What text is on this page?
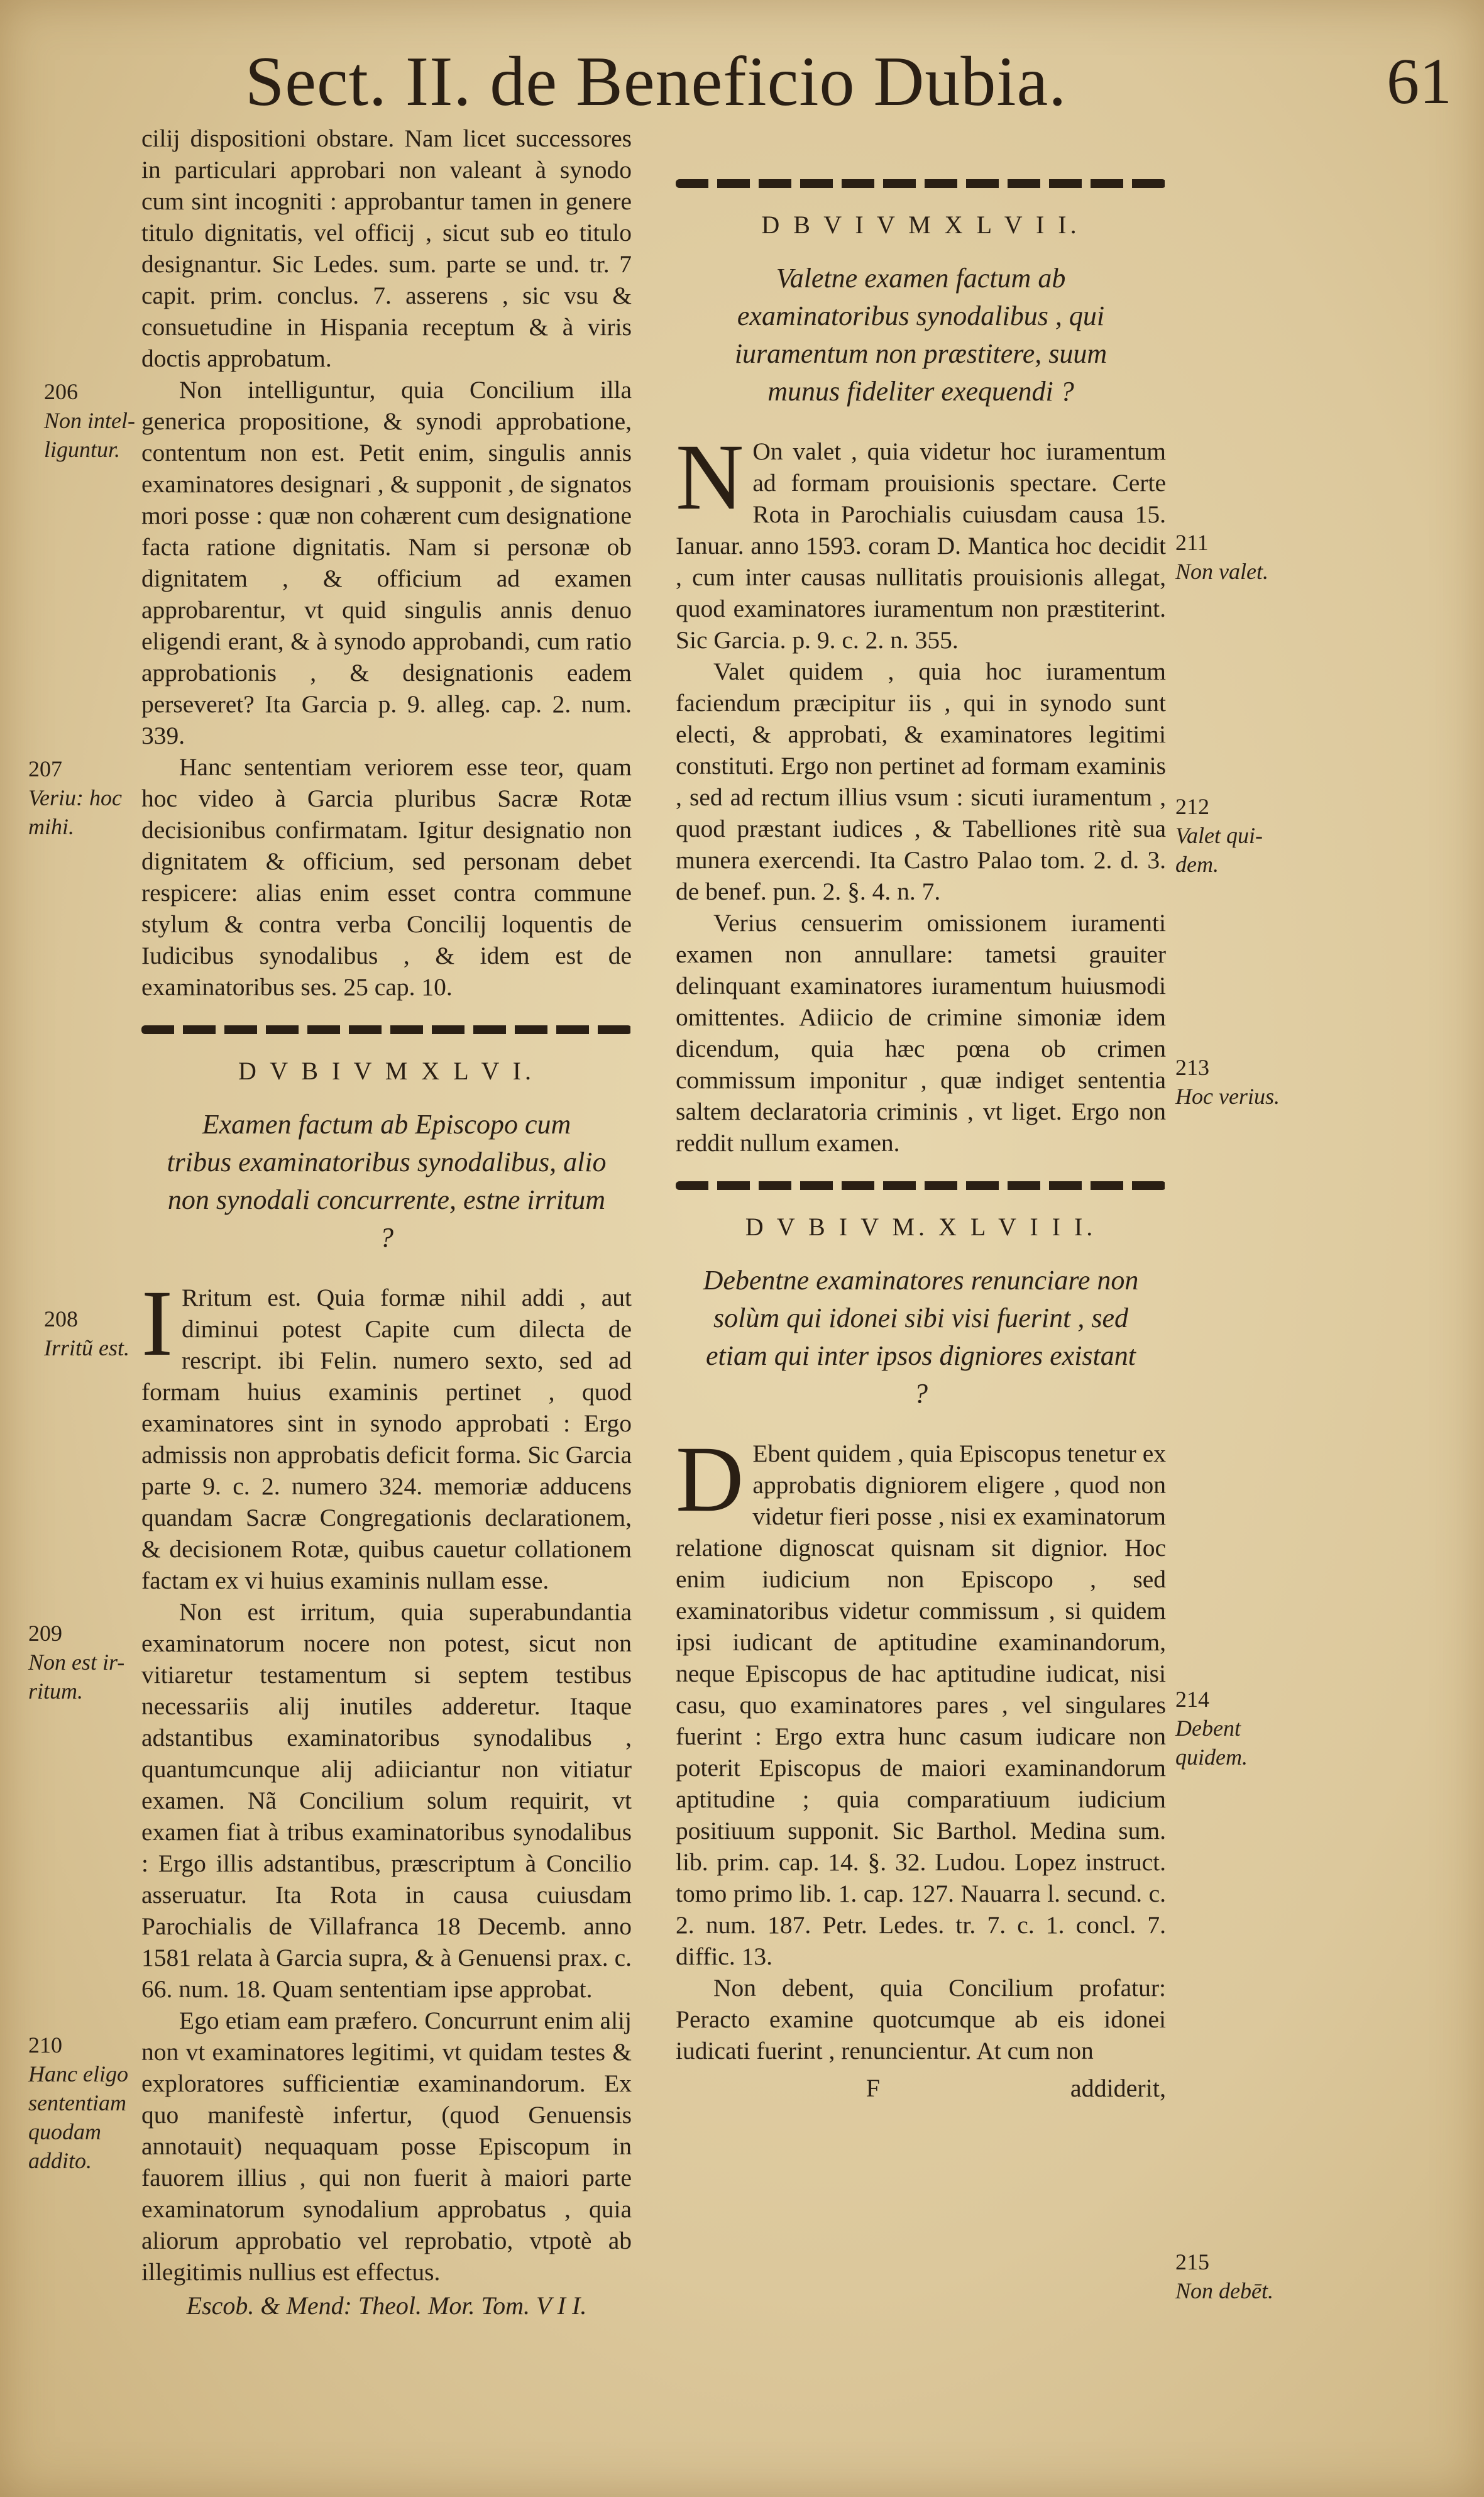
Sect. II. de Beneficio Dubia.	61

cilij dispositioni obstare. Nam licet successores in particulari approbari non valeant à synodo cum sint incogniti : approbantur tamen in genere titulo dignitatis, vel officij , sicut sub eo titulo designantur. Sic Ledes. sum. parte se und. tr. 7 capit. prim. conclus. 7. asserens , sic vsu & consuetudine in Hispania receptum & à viris doctis approbatum.

Non intelliguntur, quia Concilium illa generica propositione, & synodi approbatione, contentum non est. Petit enim, singulis annis examinatores designari , & supponit , de signatos mori posse : quæ non cohærent cum designatione facta ratione dignitatis. Nam si personæ ob dignitatem , & officium ad examen approbarentur, vt quid singulis annis denuo eligendi erant, & à synodo approbandi, cum ratio approbationis , & designationis eadem perseveret? Ita Garcia p. 9. alleg. cap. 2. num. 339.

Hanc sententiam veriorem esse teor, quam hoc video à Garcia pluribus Sacræ Rotæ decisionibus confirmatam. Igitur designatio non dignitatem & officium, sed personam debet respicere: alias enim esset contra commune stylum & contra verba Concilij loquentis de Iudicibus synodalibus , & idem est de examinatoribus ses. 25 cap. 10.

D V B I V M X L V I.
Examen factum ab Episcopo cum tribus examinatoribus synodalibus, alio non synodali concurrente, estne irritum ?

I Rritum est. Quia formæ nihil addi , aut diminui potest Capite cum dilecta de rescript. ibi Felin. numero sexto, sed ad formam huius examinis pertinet , quod examinatores sint in synodo approbati : Ergo admissis non approbatis deficit forma. Sic Garcia parte 9. c. 2. numero 324. memoriæ adducens quandam Sacræ Congregationis declarationem, & decisionem Rotæ, quibus cauetur collationem factam ex vi huius examinis nullam esse.

Non est irritum, quia superabundantia examinatorum nocere non potest, sicut non vitiaretur testamentum si septem testibus necessariis alij inutiles adderetur. Itaque adstantibus examinatoribus synodalibus , quantumcunque alij adiiciantur non vitiatur examen. Nã Concilium solum requirit, vt examen fiat à tribus examinatoribus synodalibus : Ergo illis adstantibus, præscriptum à Concilio asseruatur. Ita Rota in causa cuiusdam Parochialis de Villafranca 18 Decemb. anno 1581 relata à Garcia supra, & à Genuensi prax. c. 66. num. 18. Quam sententiam ipse approbat.

Ego etiam eam præfero. Concurrunt enim alij non vt examinatores legitimi, vt quidam testes & exploratores sufficientiæ examinandorum. Ex quo manifestè infertur, (quod Genuensis annotauit) nequaquam posse Episcopum in fauorem illius , qui non fuerit à maiori parte examinatorum synodalium approbatus , quia aliorum approbatio vel reprobatio, vtpotè ab illegitimis nullius est effectus.

Escob. & Mend: Theol. Mor. Tom. V I I.
D B V I V M X L V I I.
Valetne examen factum ab examinatoribus synodalibus , qui iuramentum non præstitere, suum munus fideliter exequendi ?

N On valet , quia videtur hoc iuramentum ad formam prouisionis spectare. Certe Rota in Parochialis cuiusdam causa 15. Ianuar. anno 1593. coram D. Mantica hoc decidit , cum inter causas nullitatis prouisionis allegat, quod examinatores iuramentum non præstiterint. Sic Garcia. p. 9. c. 2. n. 355.

Valet quidem , quia hoc iuramentum faciendum præcipitur iis , qui in synodo sunt electi, & approbati, & examinatores legitimi constituti. Ergo non pertinet ad formam examinis , sed ad rectum illius vsum : sicuti iuramentum , quod præstant iudices , & Tabelliones ritè sua munera exercendi. Ita Castro Palao tom. 2. d. 3. de benef. pun. 2. §. 4. n. 7.

Verius censuerim omissionem iuramenti examen non annullare: tametsi grauiter delinquant examinatores iuramentum huiusmodi omittentes. Adiicio de crimine simoniæ idem dicendum, quia hæc pœna ob crimen commissum imponitur , quæ indiget sententia saltem declaratoria criminis , vt liget. Ergo non reddit nullum examen.

D V B I V M. X L V I I I.
Debentne examinatores renunciare non solùm qui idonei sibi visi fuerint , sed etiam qui inter ipsos digniores existant ?

D Ebent quidem , quia Episcopus tenetur ex approbatis digniorem eligere , quod non videtur fieri posse , nisi ex examinatorum relatione dignoscat quisnam sit dignior. Hoc enim iudicium non Episcopo , sed examinatoribus videtur commissum , si quidem ipsi iudicant de aptitudine examinandorum, neque Episcopus de hac aptitudine iudicat, nisi casu, quo examinatores pares , vel singulares fuerint : Ergo extra hunc casum iudicare non poterit Episcopus de maiori examinandorum aptitudine ; quia comparatiuum iudicium positiuum supponit. Sic Barthol. Medina sum. lib. prim. cap. 14. §. 32. Ludou. Lopez instruct. tomo primo lib. 1. cap. 127. Nauarra l. secund. c. 2. num. 187. Petr. Ledes. tr. 7. c. 1. concl. 7. diffic. 13.

Non debent, quia Concilium profatur: Peracto examine quotcumque ab eis idonei iudicati fuerint , renuncientur. At cum non

F	addiderit,
206
Non intel-
liguntur.
207
Veriu: hoc
mihi.
208
Irritũ est.
209
Non est ir-
ritum.
210
Hanc eligo
sententiam
quodam
addito.
211
Non valet.
212
Valet qui-
dem.
213
Hoc verius.
214
Debent
quidem.
215
Non debēt.
